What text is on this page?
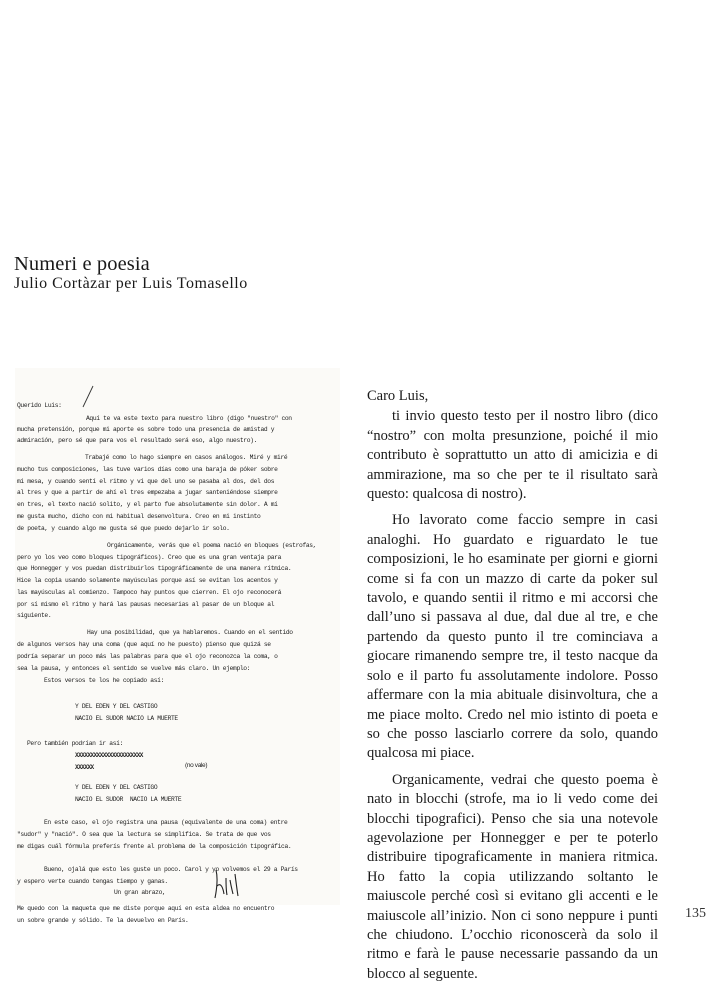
Numeri e poesia
Julio Cortàzar per Luis Tomasello

Querido Luis:

Aquí te va este texto para nuestro libro (digo "nuestro" con

mucha pretensión, porque mi aporte es sobre todo una presencia de amistad y

admiración, pero sé que para vos el resultado será eso, algo nuestro).

Trabajé como lo hago siempre en casos análogos. Miré y miré

mucho tus composiciones, las tuve varios días como una baraja de póker sobre

mi mesa, y cuando sentí el ritmo y vi que del uno se pasaba al dos, del dos

al tres y que a partir de ahí el tres empezaba a jugar santeniéndose siempre

en tres, el texto nació solito, y el parto fue absolutamente sin dolor. A mí

me gusta mucho, dicho con mi habitual desenvoltura. Creo en mi instinto

de poeta, y cuando algo me gusta sé que puedo dejarlo ir solo.

Orgánicamente, verás que el poema nació en bloques (estrofas,

pero yo los veo como bloques tipográficos). Creo que es una gran ventaja para

que Honnegger y vos puedan distribuirlos tipográficamente de una manera rítmica.

Hice la copia usando solamente mayúsculas porque así se evitan los acentos y

las mayúsculas al comienzo. Tampoco hay puntos que cierren. El ojo reconocerá

por sí mismo el ritmo y hará las pausas necesarias al pasar de un bloque al

siguiente.

Hay una posibilidad, que ya hablaremos. Cuando en el sentido

de algunos versos hay una coma (que aquí no he puesto) pienso que quizá se

podría separar un poco más las palabras para que el ojo reconozca la coma, o

sea la pausa, y entonces el sentido se vuelve más claro. Un ejemplo:

Estos versos te los he copiado así:

Y DEL EDEN Y DEL CASTIGO

NACIO EL SUDOR NACIO LA MUERTE

Pero también podrían ir así:

XXXXXXXXXXXXXXXXXXXXXX

XXXXXX	(no vale)

Y DEL EDEN Y DEL CASTIGO

NACIO EL SUDOR  NACIO LA MUERTE

En este caso, el ojo registra una pausa (equivalente de una coma) entre

"sudor" y "nació". O sea que la lectura se simplifica. Se trata de que vos

me digas cuál fórmula preferís frente al problema de la composición tipográfica.

Bueno, ojalá que esto les guste un poco. Carol y yo volvemos el 29 a París

y espero verte cuando tengas tiempo y ganas.

Un gran abrazo,

Me quedo con la maqueta que me diste porque aquí en esta aldea no encuentro

un sobre grande y sólido. Te la devuelvo en París.

Caro Luis,

ti invio questo testo per il nostro libro (dico “nostro” con molta presunzione, poiché il mio contributo è soprattutto un atto di amicizia e di ammirazione, ma so che per te il risultato sarà questo: qualcosa di nostro).

Ho lavorato come faccio sempre in casi analoghi. Ho guardato e riguardato le tue composizioni, le ho esaminate per giorni e giorni come si fa con un mazzo di carte da poker sul tavolo, e quando sentii il ritmo e mi accorsi che dall’uno si passava al due, dal due al tre, e che partendo da questo punto il tre cominciava a giocare rimanendo sempre tre, il testo nacque da solo e il parto fu assolutamente indolore. Posso affermare con la mia abituale disinvoltura, che a me piace molto. Credo nel mio istinto di poeta e so che posso lasciarlo correre da solo, quando qualcosa mi piace.

Organicamente, vedrai che questo poema è nato in blocchi (strofe, ma io li vedo come dei blocchi tipografici). Penso che sia una notevole agevolazione per Honnegger e per te poterlo distribuire tipograficamente in maniera ritmica. Ho fatto la copia utilizzando soltanto le maiuscole perché così si evitano gli accenti e le maiuscole all’inizio. Non ci sono neppure i punti che chiudono. L’occhio riconoscerà da solo il ritmo e farà le pause necessarie passando da un blocco al seguente.

135
